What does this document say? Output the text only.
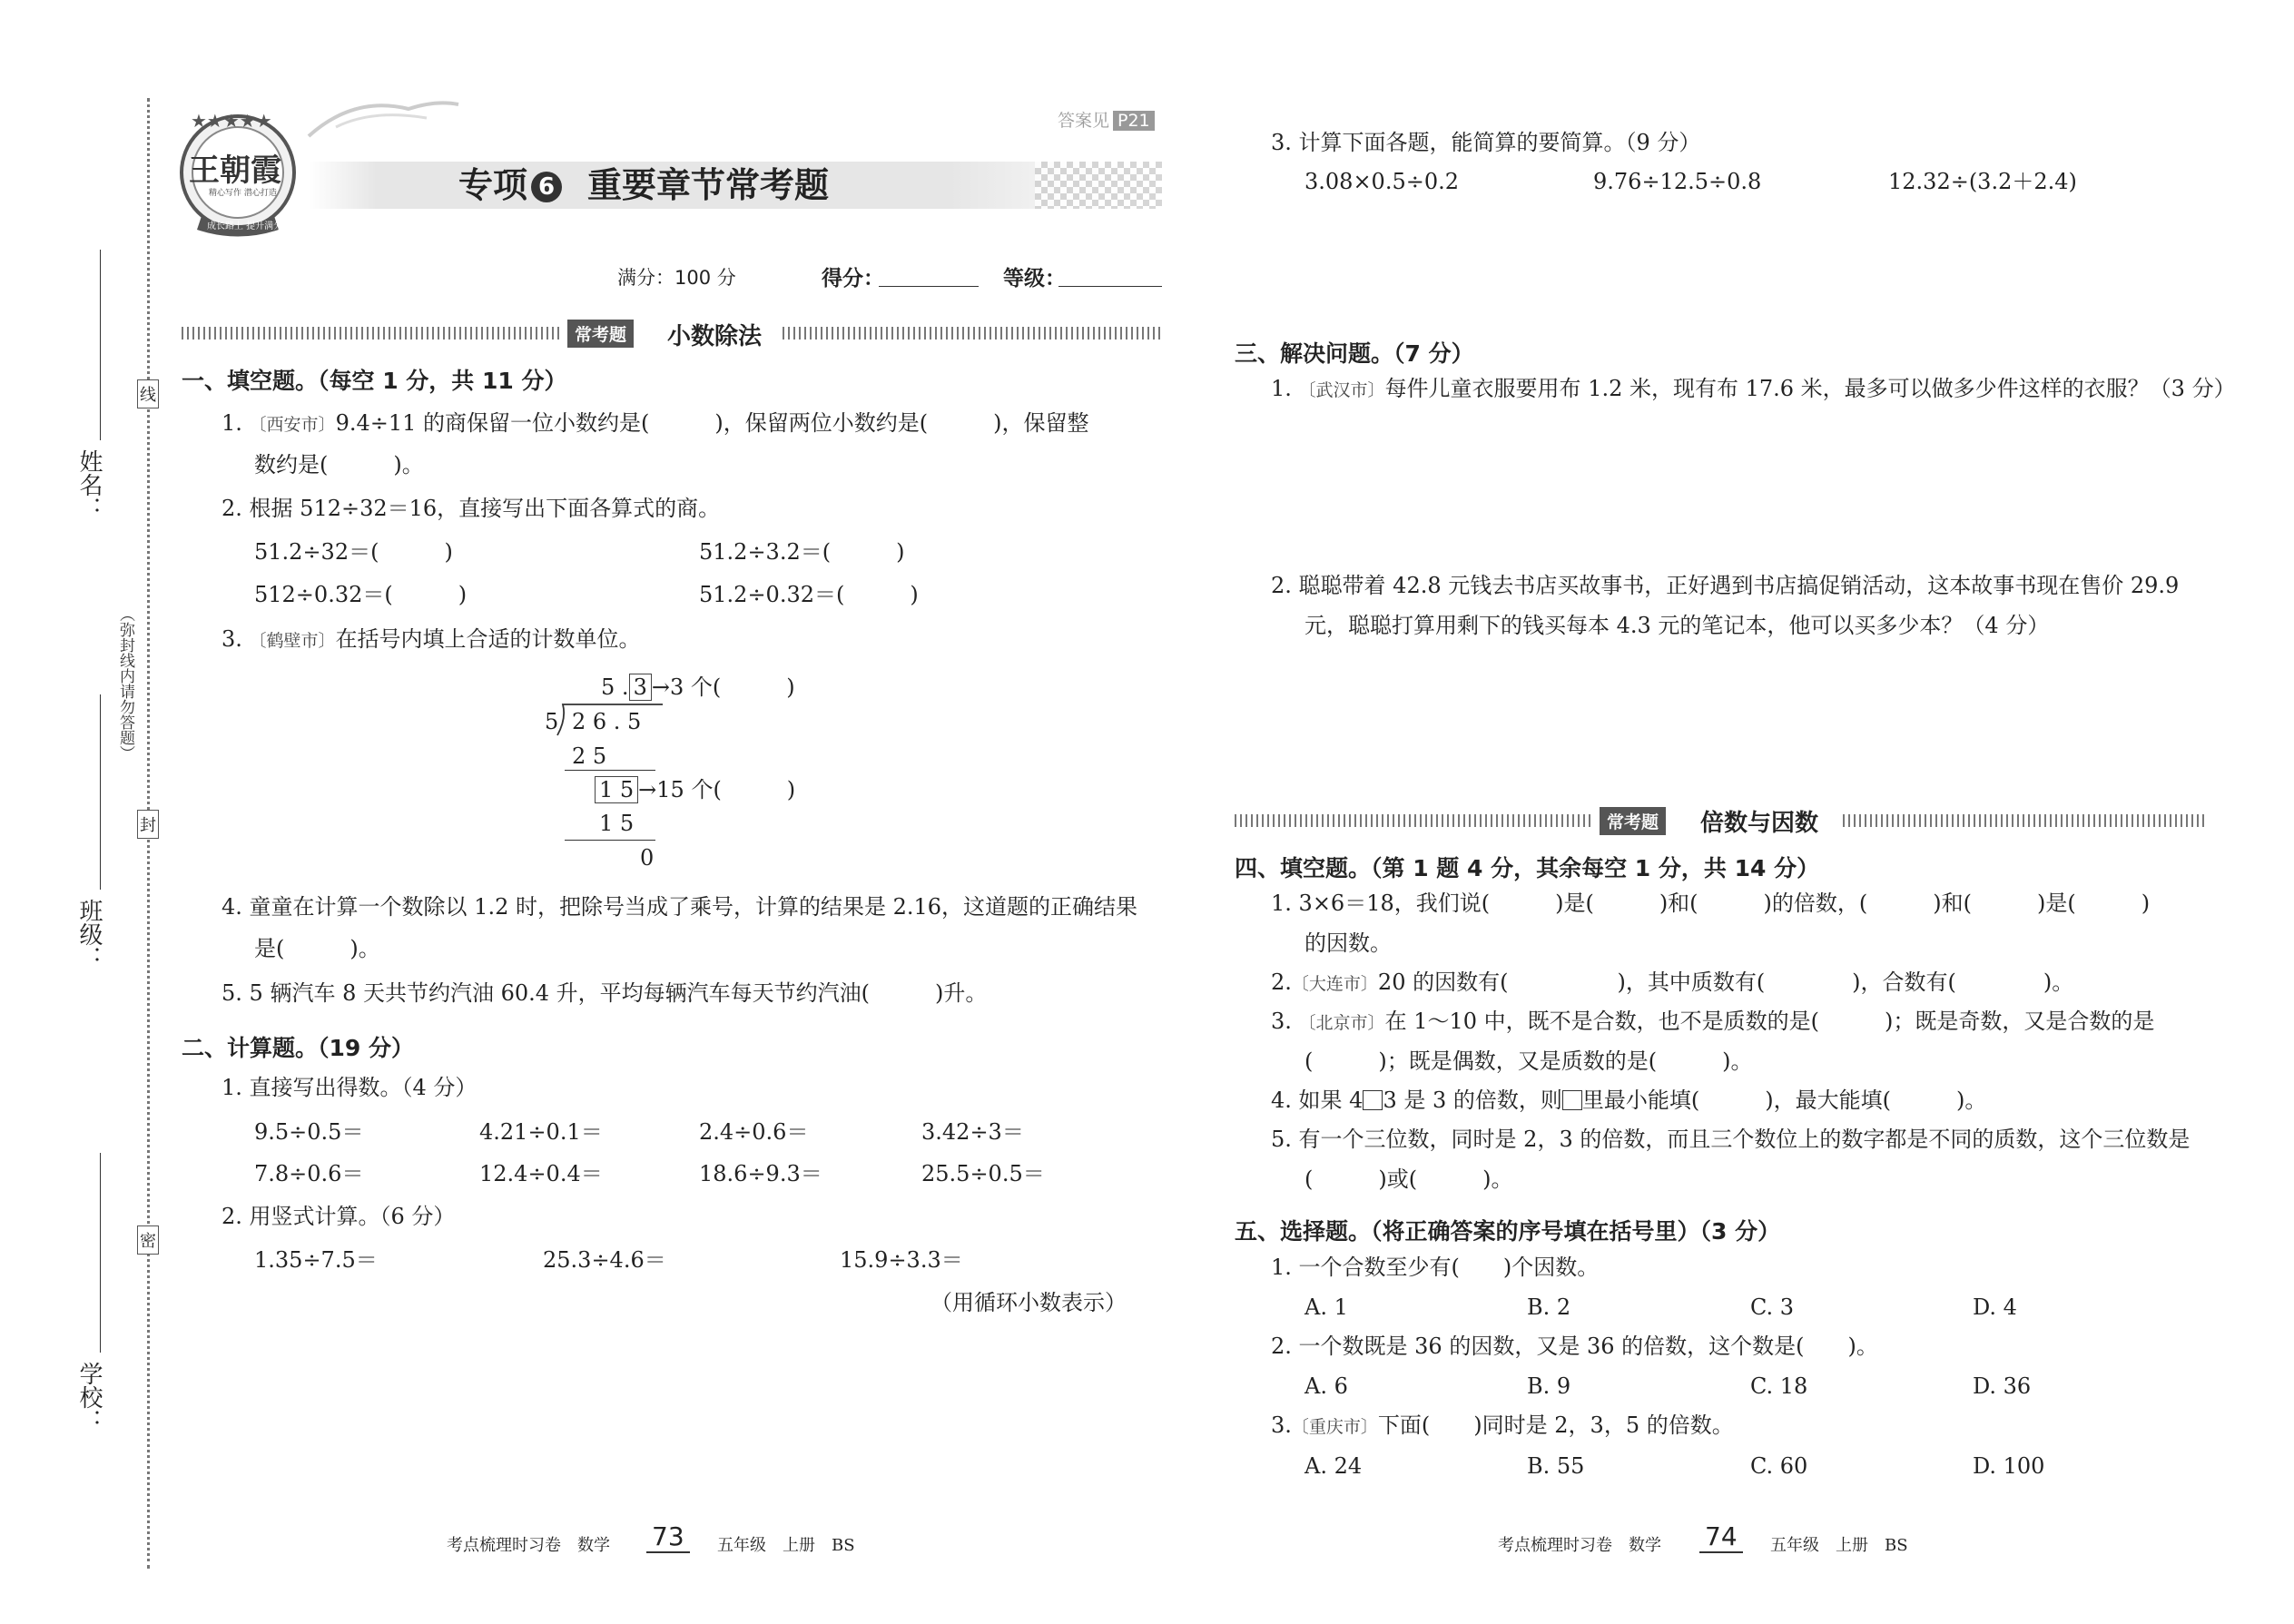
姓名：
班级：
学校：
线
（弥封线内请勿答题）
封
密
★★★★★
王朝霞
精心写作 潜心打造
成长路上 提升满分
答案见 P21
专项 6 重要章节常考题
满分：100 分	得分：	等级：
常考题	小数除法
一、填空题。（每空 1 分，共 11 分）
1. 〔西安市〕9.4÷11 的商保留一位小数约是(　　　)，保留两位小数约是(　　　)，保留整
数约是(　　　)。
2. 根据 512÷32＝16，直接写出下面各算式的商。
51.2÷32＝(　　　)	51.2÷3.2＝(　　　)
512÷0.32＝(　　　)	51.2÷0.32＝(　　　)
3. 〔鹤壁市〕在括号内填上合适的计数单位。
5 . 3 →3 个(　　　)
5 2 6 . 5
2 5
1 5 →15 个(　　　)
1 5
0
4. 童童在计算一个数除以 1.2 时，把除号当成了乘号，计算的结果是 2.16，这道题的正确结果
是(　　　)。
5. 5 辆汽车 8 天共节约汽油 60.4 升，平均每辆汽车每天节约汽油(　　　)升。
二、计算题。（19 分）
1. 直接写出得数。（4 分）
9.5÷0.5＝	4.21÷0.1＝	2.4÷0.6＝	3.42÷3＝
7.8÷0.6＝	12.4÷0.4＝	18.6÷9.3＝	25.5÷0.5＝
2. 用竖式计算。（6 分）
1.35÷7.5＝	25.3÷4.6＝	15.9÷3.3＝
（用循环小数表示）
考点梳理时习卷　数学 73	五年级　上册　BS
3. 计算下面各题，能简算的要简算。（9 分）
3.08×0.5÷0.2	9.76÷12.5÷0.8	12.32÷(3.2＋2.4)
三、解决问题。（7 分）
1. 〔武汉市〕每件儿童衣服要用布 1.2 米，现有布 17.6 米，最多可以做多少件这样的衣服？（3 分）
2. 聪聪带着 42.8 元钱去书店买故事书，正好遇到书店搞促销活动，这本故事书现在售价 29.9
元，聪聪打算用剩下的钱买每本 4.3 元的笔记本，他可以买多少本？（4 分）
常考题	倍数与因数
四、填空题。（第 1 题 4 分，其余每空 1 分，共 14 分）
1. 3×6＝18，我们说(　　　)是(　　　)和(　　　)的倍数，(　　　)和(　　　)是(　　　)
的因数。
2.〔大连市〕20 的因数有(　　　　　)，其中质数有(　　　　)，合数有(　　　　)。
3. 〔北京市〕在 1～10 中，既不是合数，也不是质数的是(　　　)；既是奇数，又是合数的是
(　　　)；既是偶数，又是质数的是(　　　)。
4. 如果 4 3 是 3 的倍数，则 里最小能填(　　　)，最大能填(　　　)。
5. 有一个三位数，同时是 2，3 的倍数，而且三个数位上的数字都是不同的质数，这个三位数是
(　　　)或(　　　)。
五、选择题。（将正确答案的序号填在括号里）（3 分）
1. 一个合数至少有(　　)个因数。
A. 1	B. 2	C. 3	D. 4
2. 一个数既是 36 的因数，又是 36 的倍数，这个数是(　　)。
A. 6	B. 9	C. 18	D. 36
3.〔重庆市〕下面(　　)同时是 2，3，5 的倍数。
A. 24	B. 55	C. 60	D. 100
考点梳理时习卷　数学 74	五年级　上册　BS
